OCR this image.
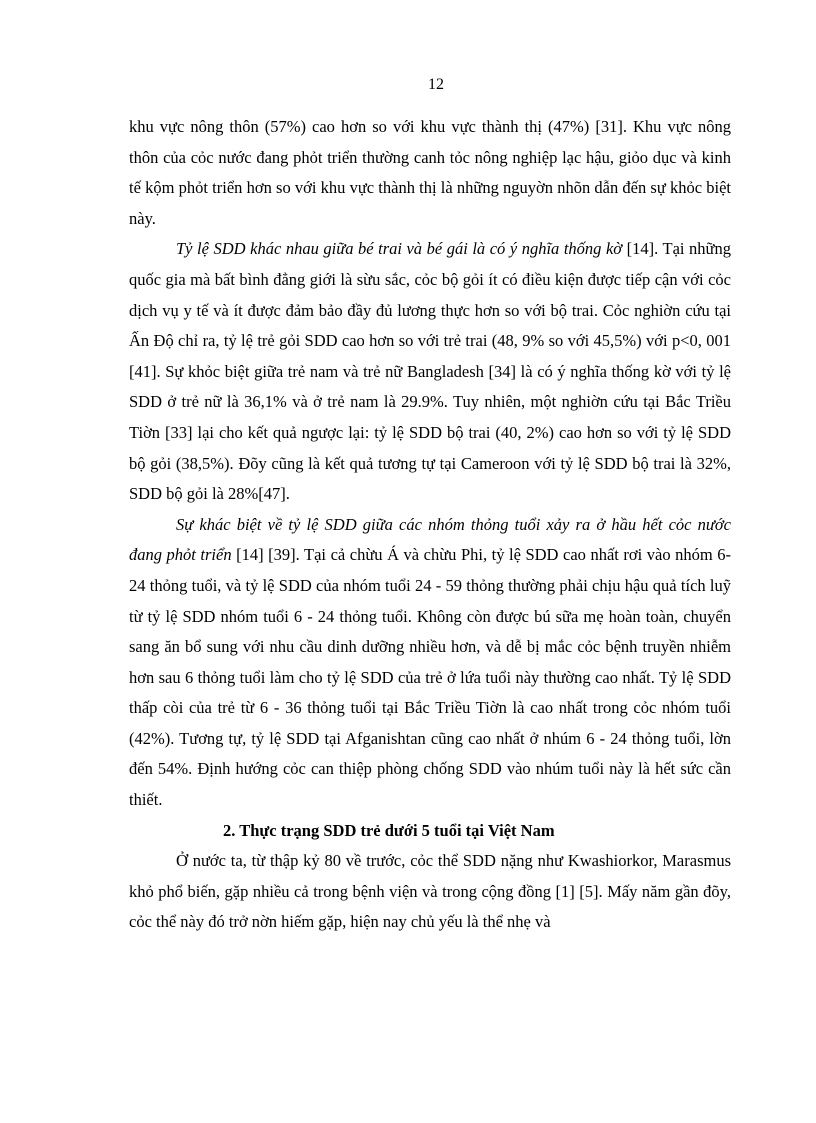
12

khu vực nông thôn (57%) cao hơn so với khu vực thành thị (47%) [31]. Khu vực nông thôn của cỏc nước đang phỏt triển thường canh tỏc nông nghiệp lạc hậu, giỏo dục và kinh tế kộm phỏt triển hơn so với khu vực thành thị là những nguyờn nhõn dẫn đến sự khỏc biệt này.

Tỷ lệ SDD khác nhau giữa bé trai và bé gái là có ý nghĩa thống kờ [14]. Tại những quốc gia mà bất bình đẳng giới là sừu sắc, cỏc bộ gỏi ít có điều kiện được tiếp cận với cỏc dịch vụ y tế và ít được đảm bảo đầy đủ lương thực hơn so với bộ trai. Cỏc nghiờn cứu tại Ấn Độ chỉ ra, tỷ lệ trẻ gỏi SDD cao hơn so với trẻ trai (48, 9% so với 45,5%) với p<0, 001 [41]. Sự khỏc biệt giữa trẻ nam và trẻ nữ Bangladesh [34] là có ý nghĩa thống kờ với tỷ lệ SDD ở trẻ nữ là 36,1% và ở trẻ nam là 29.9%. Tuy nhiên, một nghiờn cứu tại Bắc Triều Tiờn [33] lại cho kết quả ngược lại: tỷ lệ SDD bộ trai (40, 2%) cao hơn so với tỷ lệ SDD bộ gỏi (38,5%). Đõy cũng là kết quả tương tự tại Cameroon với tỷ lệ SDD bộ trai là 32%, SDD bộ gỏi là 28%[47].

Sự khác biệt về tỷ lệ SDD giữa các nhóm thỏng tuổi xảy ra ở hầu hết cỏc nước đang phỏt triển [14] [39]. Tại cả chừu Á và chừu Phi, tỷ lệ SDD cao nhất rơi vào nhóm 6-24 thỏng tuổi, và tỷ lệ SDD của nhóm tuổi 24 - 59 thỏng thường phải chịu hậu quả tích luỹ từ tỷ lệ SDD nhóm tuổi 6 - 24 thỏng tuổi. Không còn được bú sữa mẹ hoàn toàn, chuyển sang ăn bổ sung với nhu cầu dinh dưỡng nhiều hơn, và dễ bị mắc cỏc bệnh truyền nhiễm hơn sau 6 thỏng tuổi làm cho tỷ lệ SDD của trẻ ở lứa tuổi này thường cao nhất. Tỷ lệ SDD thấp còi của trẻ từ 6 - 36 thỏng tuổi tại Bắc Triều Tiờn là cao nhất trong cỏc nhóm tuổi (42%). Tương tự, tỷ lệ SDD tại Afganishtan cũng cao nhất ở nhúm 6 - 24 thỏng tuổi, lờn đến 54%. Định hướng cỏc can thiệp phòng chống SDD vào nhúm tuổi này là hết sức cần thiết.

2. Thực trạng SDD trẻ dưới 5 tuổi tại Việt Nam

Ở nước ta, từ thập kỷ 80 về trước, cỏc thể SDD nặng như Kwashiorkor, Marasmus khỏ phổ biến, gặp nhiều cả trong bệnh viện và trong cộng đồng [1] [5]. Mấy năm gần đõy, cỏc thể này đó trở nờn hiếm gặp, hiện nay chủ yếu là thể nhẹ và
